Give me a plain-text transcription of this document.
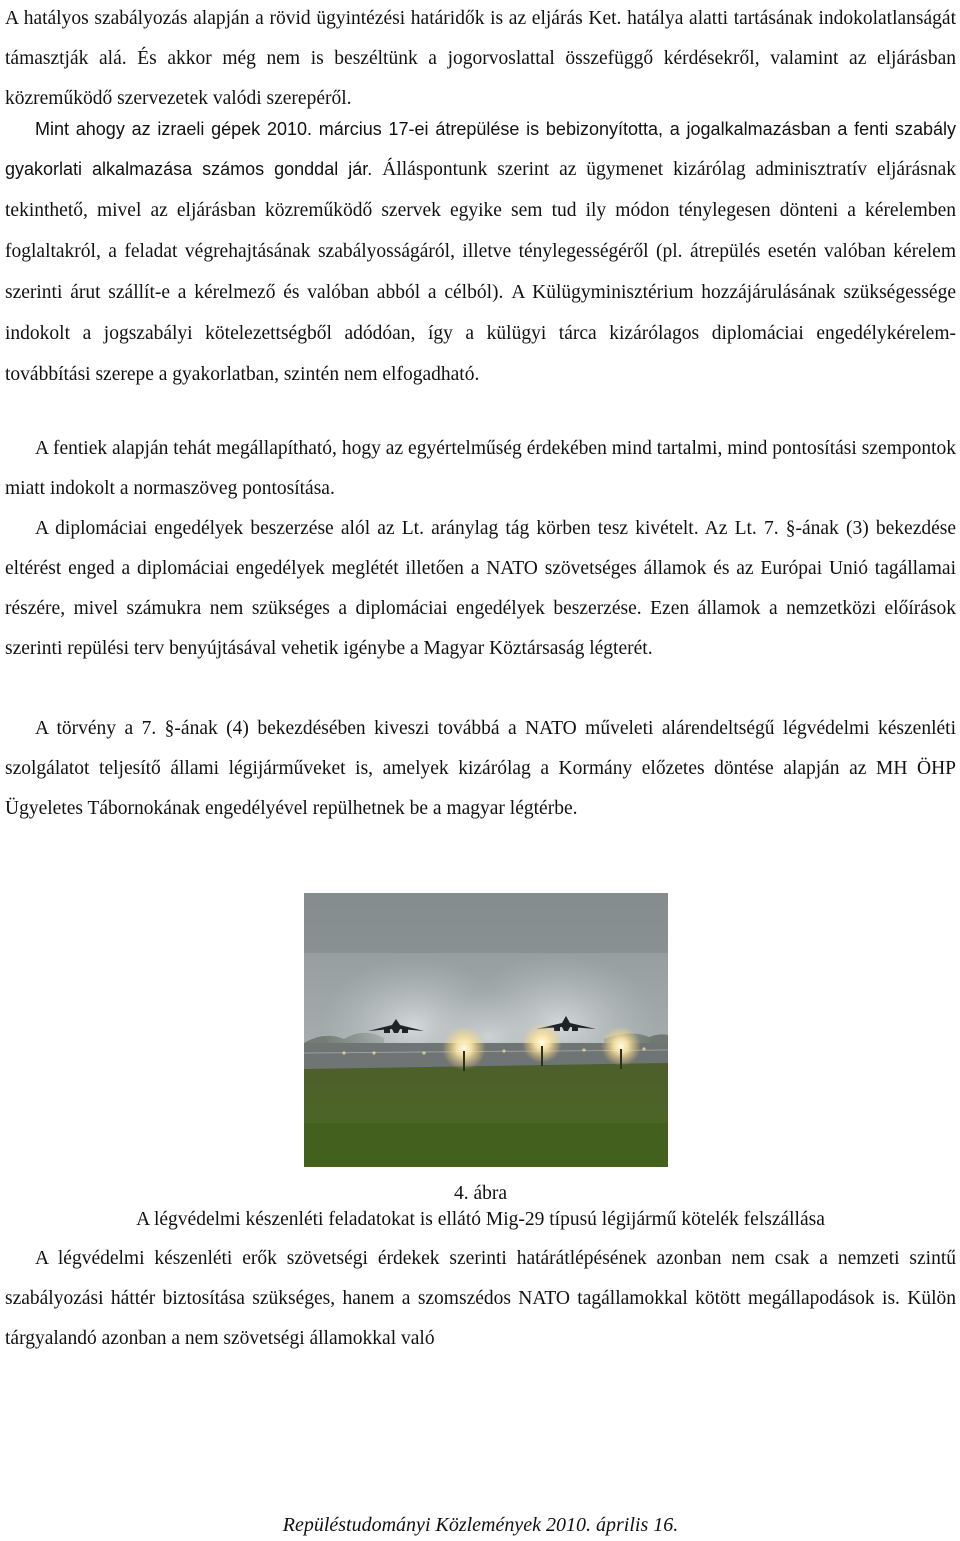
A hatályos szabályozás alapján a rövid ügyintézési határidők is az eljárás Ket. hatálya alatti tartásának indokolatlanságát támasztják alá. És akkor még nem is beszéltünk a jogorvoslattal összefüggő kérdésekről, valamint az eljárásban közreműködő szervezetek valódi szerepéről.

Mint ahogy az izraeli gépek 2010. március 17-ei átrepülése is bebizonyította, a jogalkalmazásban a fenti szabály gyakorlati alkalmazása számos gonddal jár. Álláspontunk szerint az ügymenet kizárólag adminisztratív eljárásnak tekinthető, mivel az eljárásban közreműködő szervek egyike sem tud ily módon ténylegesen dönteni a kérelemben foglaltakról, a feladat végrehajtásának szabályosságáról, illetve ténylegességéről (pl. átrepülés esetén valóban kérelem szerinti árut szállít-e a kérelmező és valóban abból a célból). A Külügyminisztérium hozzájárulásának szükségessége indokolt a jogszabályi kötelezettségből adódóan, így a külügyi tárca kizárólagos diplomáciai engedélykérelem-továbbítási szerepe a gyakorlatban, szintén nem elfogadható.

A fentiek alapján tehát megállapítható, hogy az egyértelműség érdekében mind tartalmi, mind pontosítási szempontok miatt indokolt a normaszöveg pontosítása.

A diplomáciai engedélyek beszerzése alól az Lt. aránylag tág körben tesz kivételt. Az Lt. 7. §-ának (3) bekezdése eltérést enged a diplomáciai engedélyek meglétét illetően a NATO szövetséges államok és az Európai Unió tagállamai részére, mivel számukra nem szükséges a diplomáciai engedélyek beszerzése. Ezen államok a nemzetközi előírások szerinti repülési terv benyújtásával vehetik igénybe a Magyar Köztársaság légterét.

A törvény a 7. §-ának (4) bekezdésében kiveszi továbbá a NATO műveleti alárendeltségű légvédelmi készenléti szolgálatot teljesítő állami légijárműveket is, amelyek kizárólag a Kormány előzetes döntése alapján az MH ÖHP Ügyeletes Tábornokának engedélyével repülhetnek be a magyar légtérbe.

4. ábra
A légvédelmi készenléti feladatokat is ellátó Mig-29 típusú légijármű kötelék felszállása

A légvédelmi készenléti erők szövetségi érdekek szerinti határátlépésének azonban nem csak a nemzeti szintű szabályozási háttér biztosítása szükséges, hanem a szomszédos NATO tagállamokkal kötött megállapodások is. Külön tárgyalandó azonban a nem szövetségi államokkal való

Repüléstudományi Közlemények 2010. április 16.
